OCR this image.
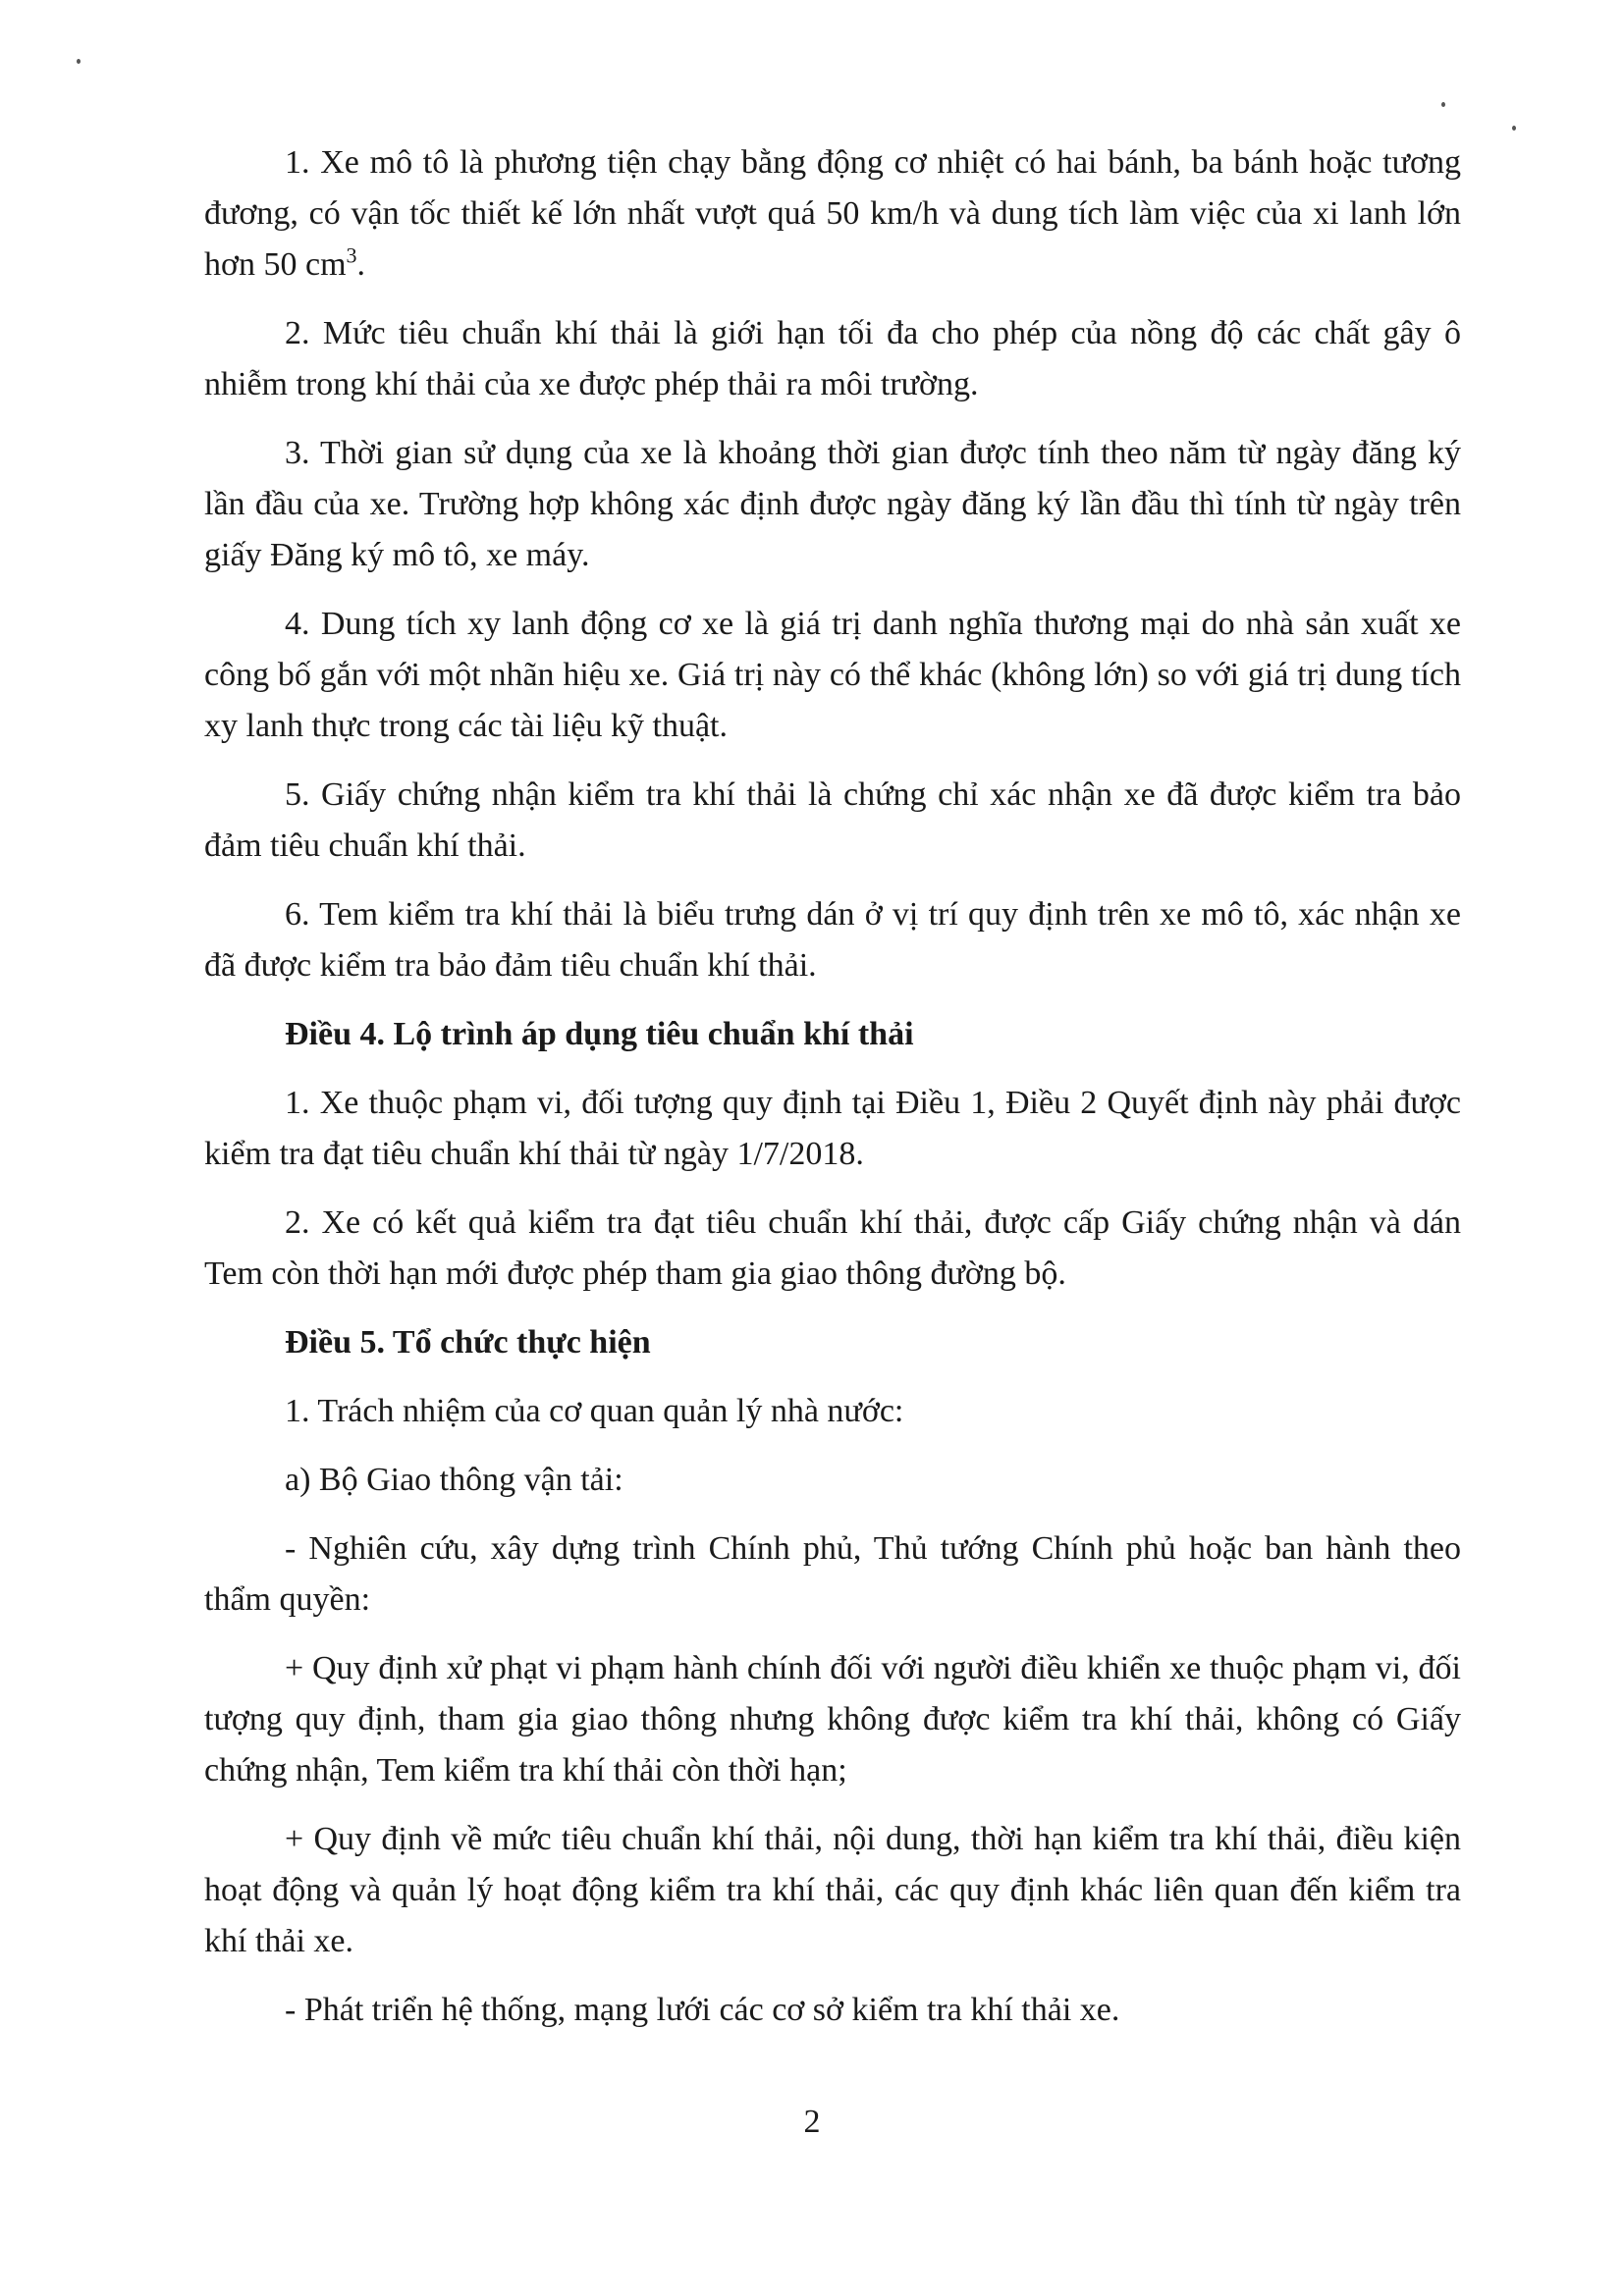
1. Xe mô tô là phương tiện chạy bằng động cơ nhiệt có hai bánh, ba bánh hoặc tương đương, có vận tốc thiết kế lớn nhất vượt quá 50 km/h và dung tích làm việc của xi lanh lớn hơn 50 $cm^3$.

2. Mức tiêu chuẩn khí thải là giới hạn tối đa cho phép của nồng độ các chất gây ô nhiễm trong khí thải của xe được phép thải ra môi trường.

3. Thời gian sử dụng của xe là khoảng thời gian được tính theo năm từ ngày đăng ký lần đầu của xe. Trường hợp không xác định được ngày đăng ký lần đầu thì tính từ ngày trên giấy Đăng ký mô tô, xe máy.

4. Dung tích xy lanh động cơ xe là giá trị danh nghĩa thương mại do nhà sản xuất xe công bố gắn với một nhãn hiệu xe. Giá trị này có thể khác (không lớn) so với giá trị dung tích xy lanh thực trong các tài liệu kỹ thuật.

5. Giấy chứng nhận kiểm tra khí thải là chứng chỉ xác nhận xe đã được kiểm tra bảo đảm tiêu chuẩn khí thải.

6. Tem kiểm tra khí thải là biểu trưng dán ở vị trí quy định trên xe mô tô, xác nhận xe đã được kiểm tra bảo đảm tiêu chuẩn khí thải.

Điều 4. Lộ trình áp dụng tiêu chuẩn khí thải

1. Xe thuộc phạm vi, đối tượng quy định tại Điều 1, Điều 2 Quyết định này phải được kiểm tra đạt tiêu chuẩn khí thải từ ngày 1/7/2018.

2. Xe có kết quả kiểm tra đạt tiêu chuẩn khí thải, được cấp Giấy chứng nhận và dán Tem còn thời hạn mới được phép tham gia giao thông đường bộ.

Điều 5. Tổ chức thực hiện

1. Trách nhiệm của cơ quan quản lý nhà nước:

a) Bộ Giao thông vận tải:

- Nghiên cứu, xây dựng trình Chính phủ, Thủ tướng Chính phủ hoặc ban hành theo thẩm quyền:

+ Quy định xử phạt vi phạm hành chính đối với người điều khiển xe thuộc phạm vi, đối tượng quy định, tham gia giao thông nhưng không được kiểm tra khí thải, không có Giấy chứng nhận, Tem kiểm tra khí thải còn thời hạn;

+ Quy định về mức tiêu chuẩn khí thải, nội dung, thời hạn kiểm tra khí thải, điều kiện hoạt động và quản lý hoạt động kiểm tra khí thải, các quy định khác liên quan đến kiểm tra khí thải xe.

- Phát triển hệ thống, mạng lưới các cơ sở kiểm tra khí thải xe.

2
